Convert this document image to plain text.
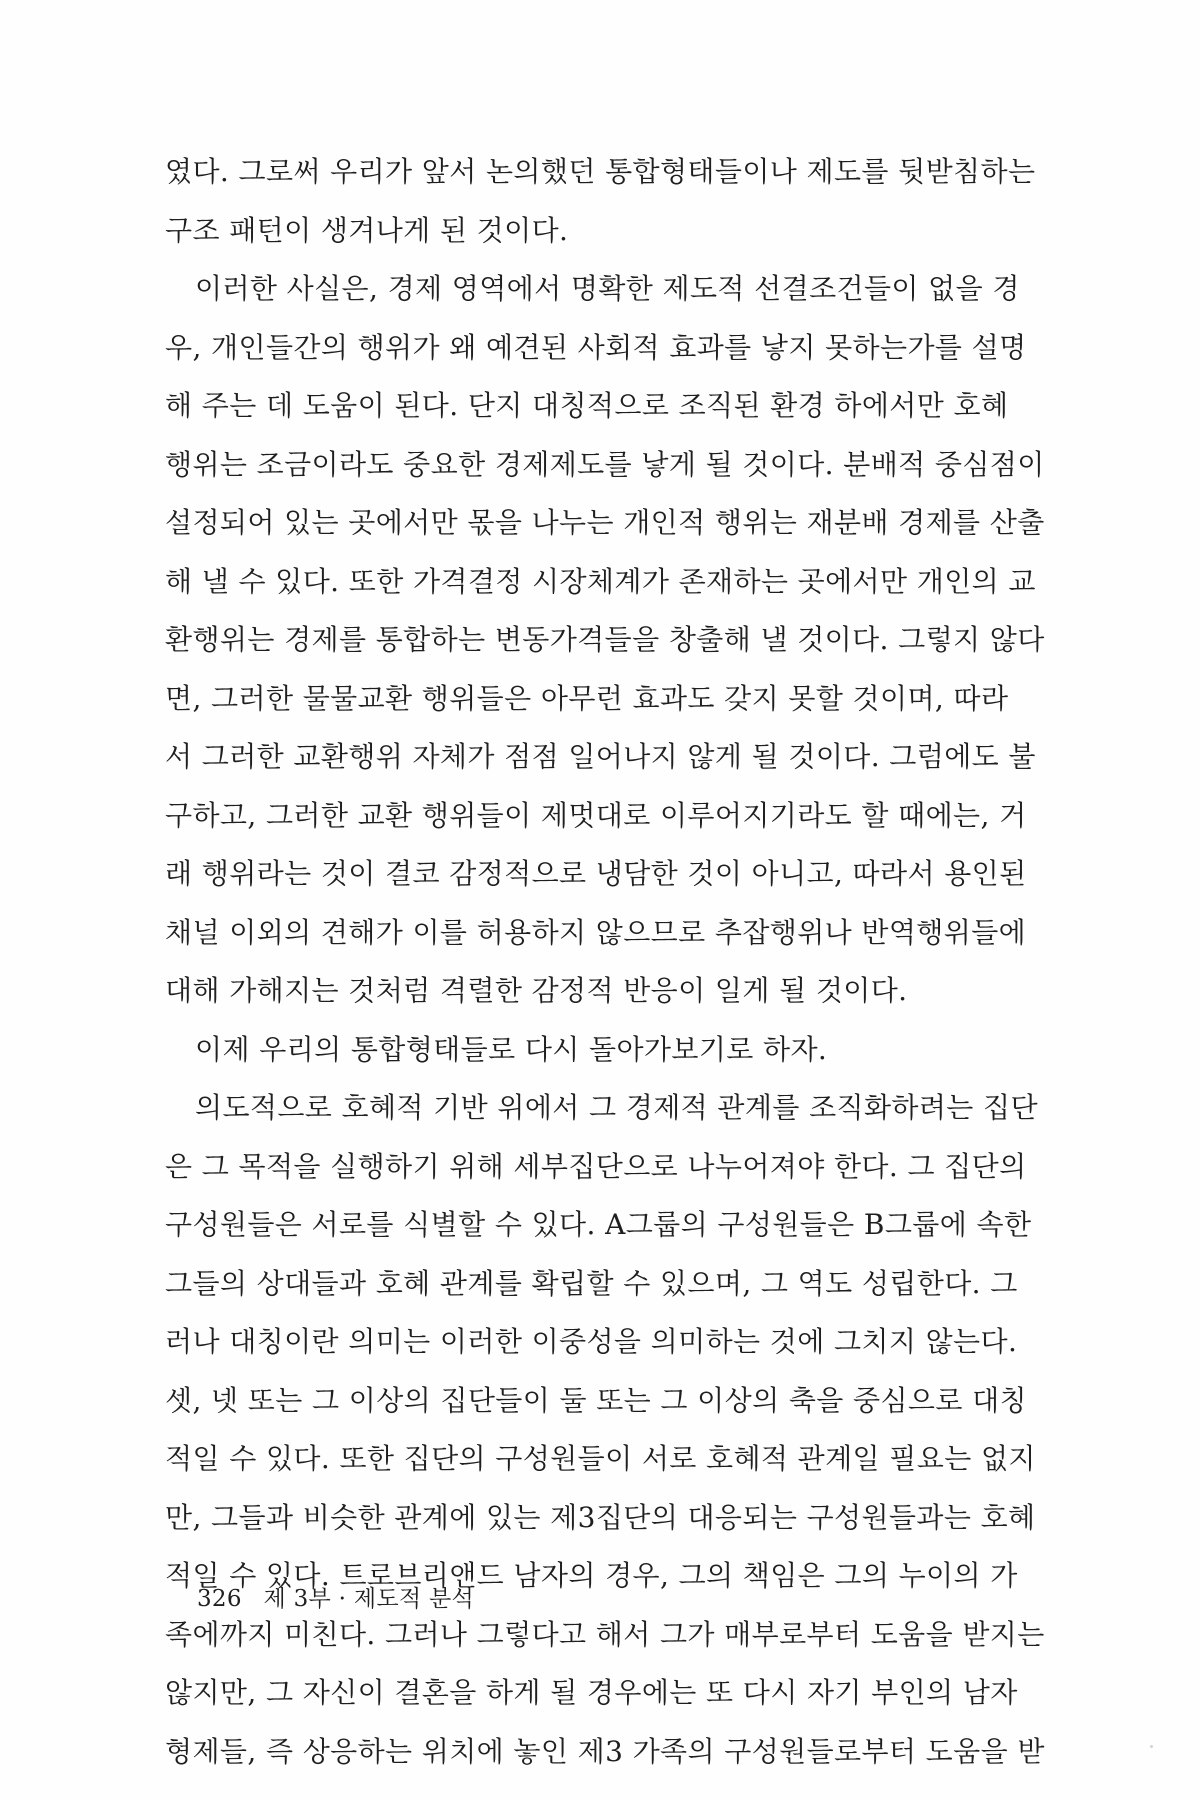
였다. 그로써 우리가 앞서 논의했던 통합형태들이나 제도를 뒷받침하는
구조 패턴이 생겨나게 된 것이다.
이러한 사실은, 경제 영역에서 명확한 제도적 선결조건들이 없을 경
우, 개인들간의 행위가 왜 예견된 사회적 효과를 낳지 못하는가를 설명
해 주는 데 도움이 된다. 단지 대칭적으로 조직된 환경 하에서만 호혜
행위는 조금이라도 중요한 경제제도를 낳게 될 것이다. 분배적 중심점이
설정되어 있는 곳에서만 몫을 나누는 개인적 행위는 재분배 경제를 산출
해 낼 수 있다. 또한 가격결정 시장체계가 존재하는 곳에서만 개인의 교
환행위는 경제를 통합하는 변동가격들을 창출해 낼 것이다. 그렇지 않다
면, 그러한 물물교환 행위들은 아무런 효과도 갖지 못할 것이며, 따라
서 그러한 교환행위 자체가 점점 일어나지 않게 될 것이다. 그럼에도 불
구하고, 그러한 교환 행위들이 제멋대로 이루어지기라도 할 때에는, 거
래 행위라는 것이 결코 감정적으로 냉담한 것이 아니고, 따라서 용인된
채널 이외의 견해가 이를 허용하지 않으므로 추잡행위나 반역행위들에
대해 가해지는 것처럼 격렬한 감정적 반응이 일게 될 것이다.
이제 우리의 통합형태들로 다시 돌아가보기로 하자.
의도적으로 호혜적 기반 위에서 그 경제적 관계를 조직화하려는 집단
은 그 목적을 실행하기 위해 세부집단으로 나누어져야 한다. 그 집단의
구성원들은 서로를 식별할 수 있다. A그룹의 구성원들은 B그룹에 속한
그들의 상대들과 호혜 관계를 확립할 수 있으며, 그 역도 성립한다. 그
러나 대칭이란 의미는 이러한 이중성을 의미하는 것에 그치지 않는다.
셋, 넷 또는 그 이상의 집단들이 둘 또는 그 이상의 축을 중심으로 대칭
적일 수 있다. 또한 집단의 구성원들이 서로 호혜적 관계일 필요는 없지
만, 그들과 비슷한 관계에 있는 제3집단의 대응되는 구성원들과는 호혜
적일 수 있다. 트로브리앤드 남자의 경우, 그의 책임은 그의 누이의 가
족에까지 미친다. 그러나 그렇다고 해서 그가 매부로부터 도움을 받지는
않지만, 그 자신이 결혼을 하게 될 경우에는 또 다시 자기 부인의 남자
형제들, 즉 상응하는 위치에 놓인 제3 가족의 구성원들로부터 도움을 받
326 제 3부 · 제도적 분석
